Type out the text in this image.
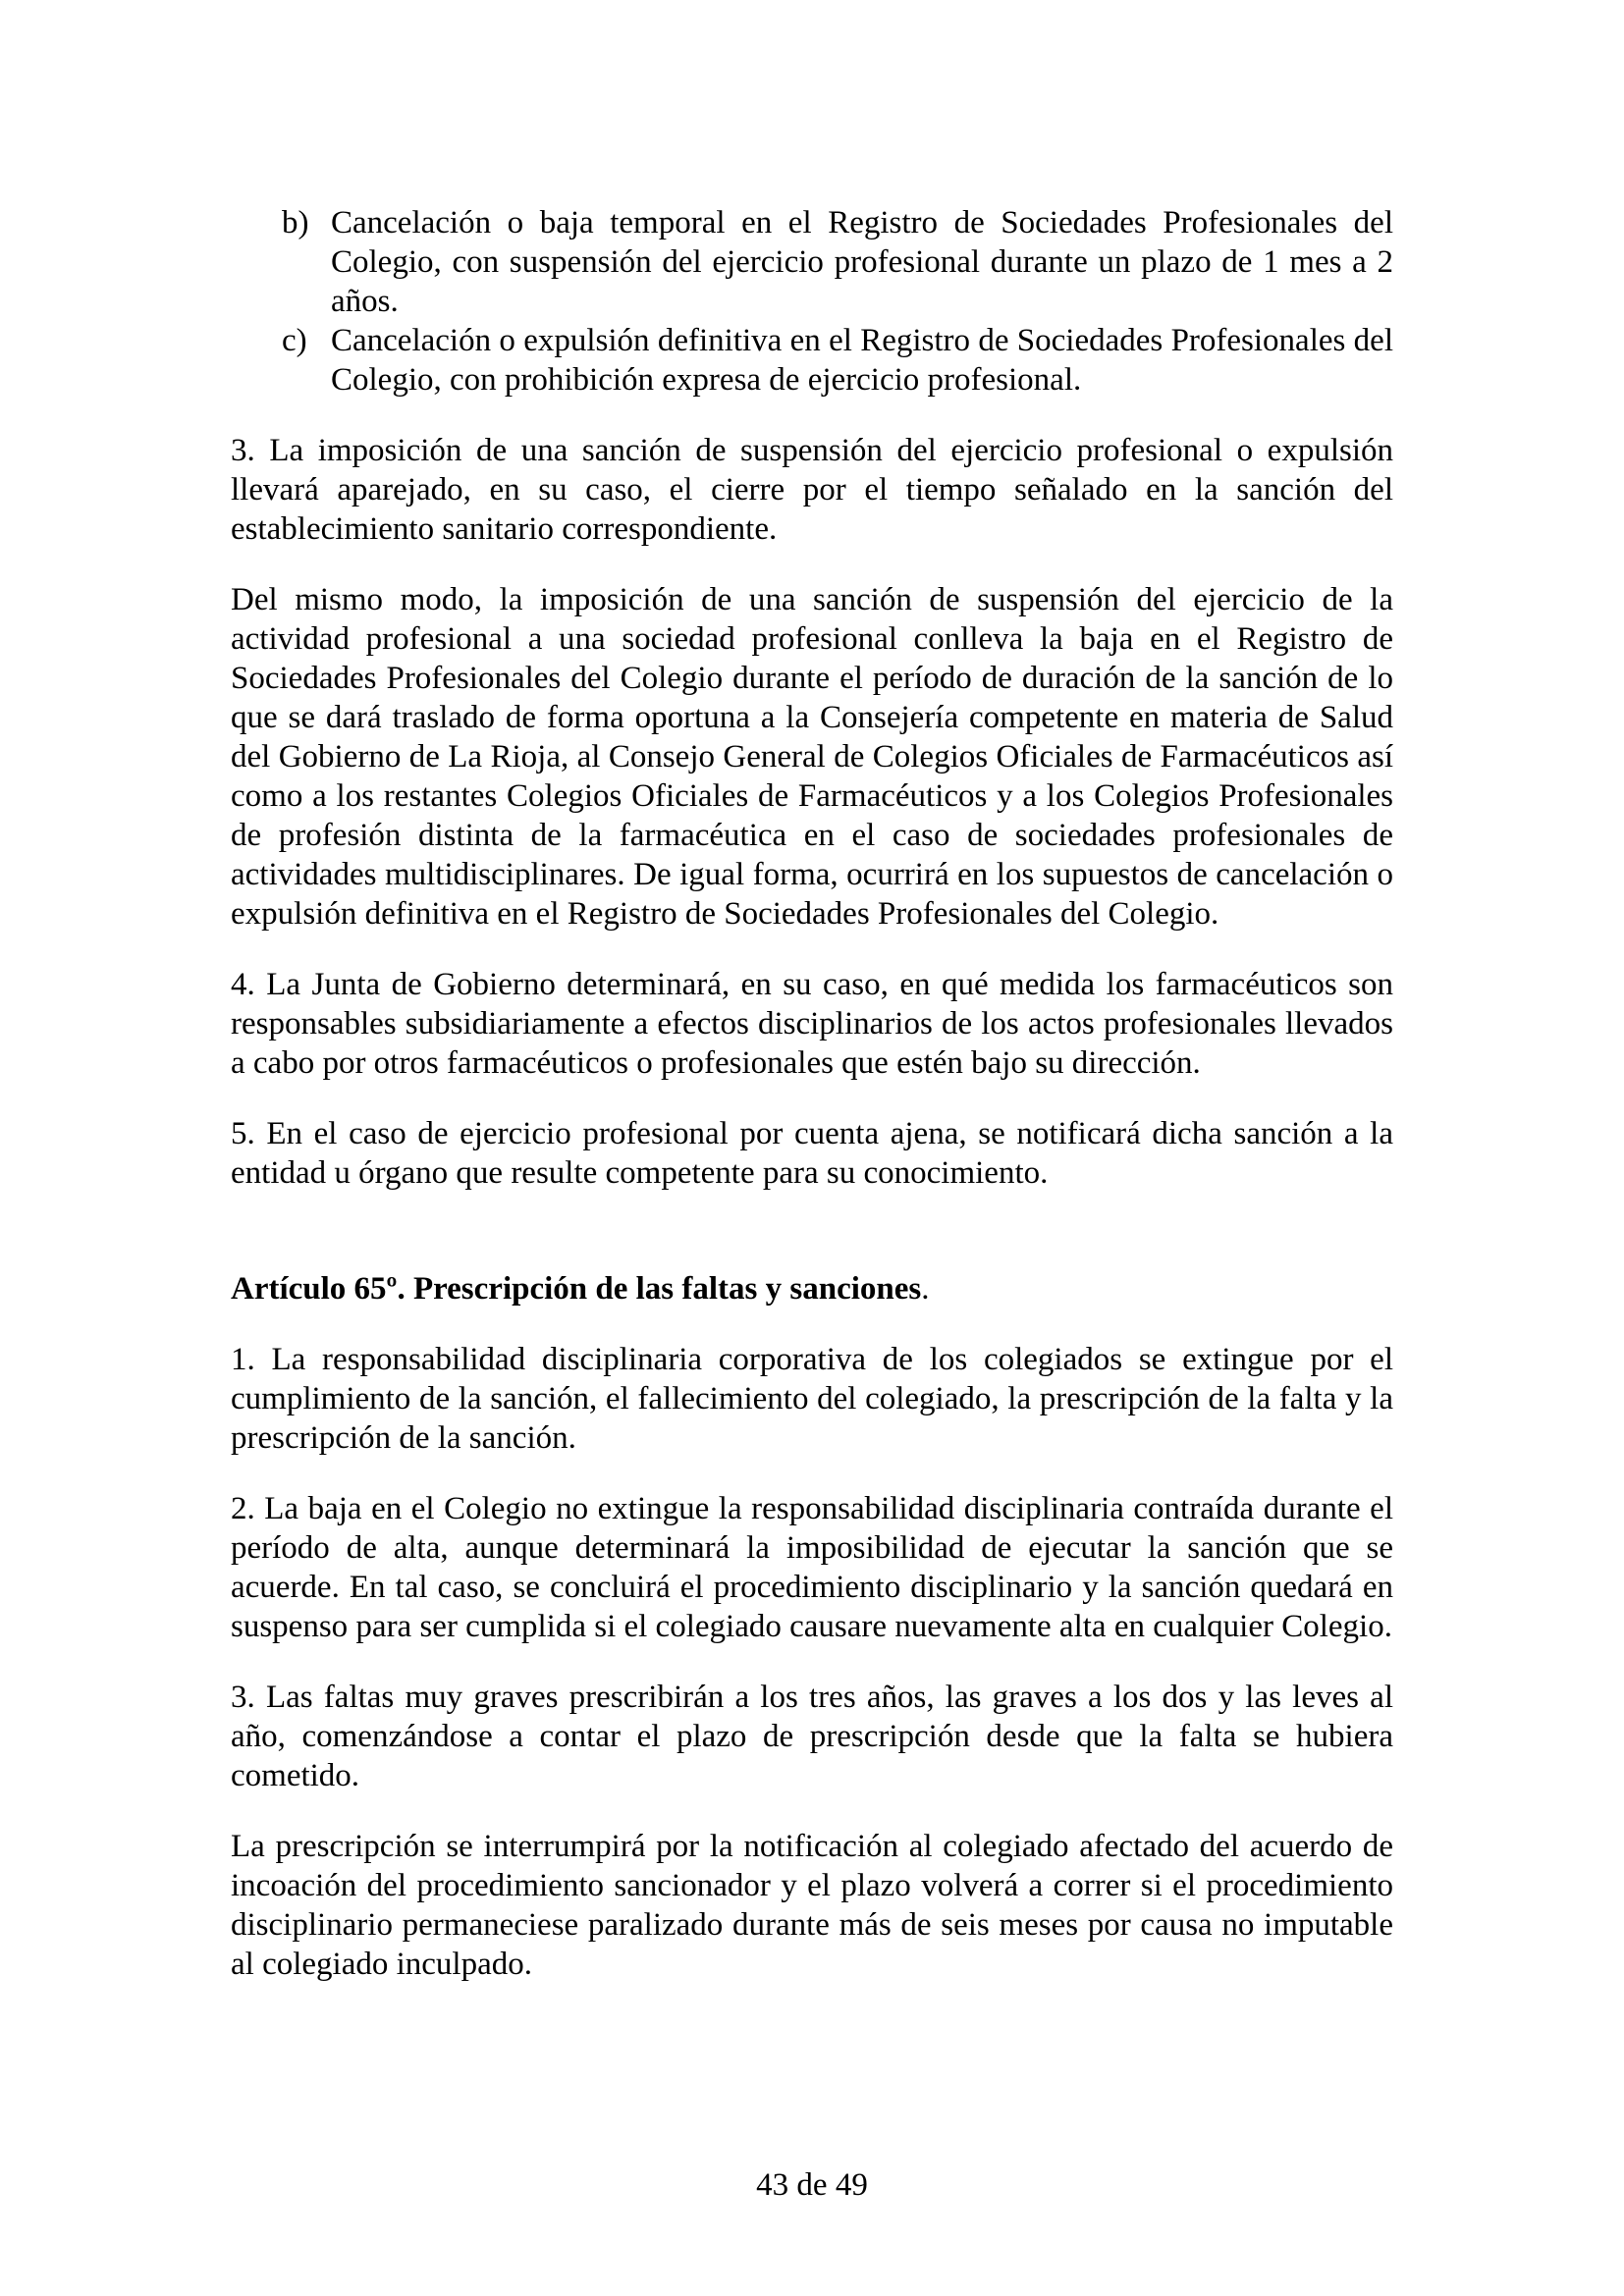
b) Cancelación o baja temporal en el Registro de Sociedades Profesionales del Colegio, con suspensión del ejercicio profesional durante un plazo de 1 mes a 2 años.
c) Cancelación o expulsión definitiva en el Registro de Sociedades Profesionales del Colegio, con prohibición expresa de ejercicio profesional.

3. La imposición de una sanción de suspensión del ejercicio profesional o expulsión llevará aparejado, en su caso, el cierre por el tiempo señalado en la sanción del establecimiento sanitario correspondiente.

Del mismo modo, la imposición de una sanción de suspensión del ejercicio de la actividad profesional a una sociedad profesional conlleva la baja en el Registro de Sociedades Profesionales del Colegio durante el período de duración de la sanción de lo que se dará traslado de forma oportuna a la Consejería competente en materia de Salud del Gobierno de La Rioja, al Consejo General de Colegios Oficiales de Farmacéuticos así como a los restantes Colegios Oficiales de Farmacéuticos y a los Colegios Profesionales de profesión distinta de la farmacéutica en el caso de sociedades profesionales de actividades multidisciplinares. De igual forma, ocurrirá en los supuestos de cancelación o expulsión definitiva en el Registro de Sociedades Profesionales del Colegio.

4. La Junta de Gobierno determinará, en su caso, en qué medida los farmacéuticos son responsables subsidiariamente a efectos disciplinarios de los actos profesionales llevados a cabo por otros farmacéuticos o profesionales que estén bajo su dirección.

5. En el caso de ejercicio profesional por cuenta ajena, se notificará dicha sanción a la entidad u órgano que resulte competente para su conocimiento.

Artículo 65º. Prescripción de las faltas y sanciones.

1. La responsabilidad disciplinaria corporativa de los colegiados se extingue por el cumplimiento de la sanción, el fallecimiento del colegiado, la prescripción de la falta y la prescripción de la sanción.

2. La baja en el Colegio no extingue la responsabilidad disciplinaria contraída durante el período de alta, aunque determinará la imposibilidad de ejecutar la sanción que se acuerde. En tal caso, se concluirá el procedimiento disciplinario y la sanción quedará en suspenso para ser cumplida si el colegiado causare nuevamente alta en cualquier Colegio.

3. Las faltas muy graves prescribirán a los tres años, las graves a los dos y las leves al año, comenzándose a contar el plazo de prescripción desde que la falta se hubiera cometido.

La prescripción se interrumpirá por la notificación al colegiado afectado del acuerdo de incoación del procedimiento sancionador y el plazo volverá a correr si el procedimiento disciplinario permaneciese paralizado durante más de seis meses por causa no imputable al colegiado inculpado.

43 de 49
